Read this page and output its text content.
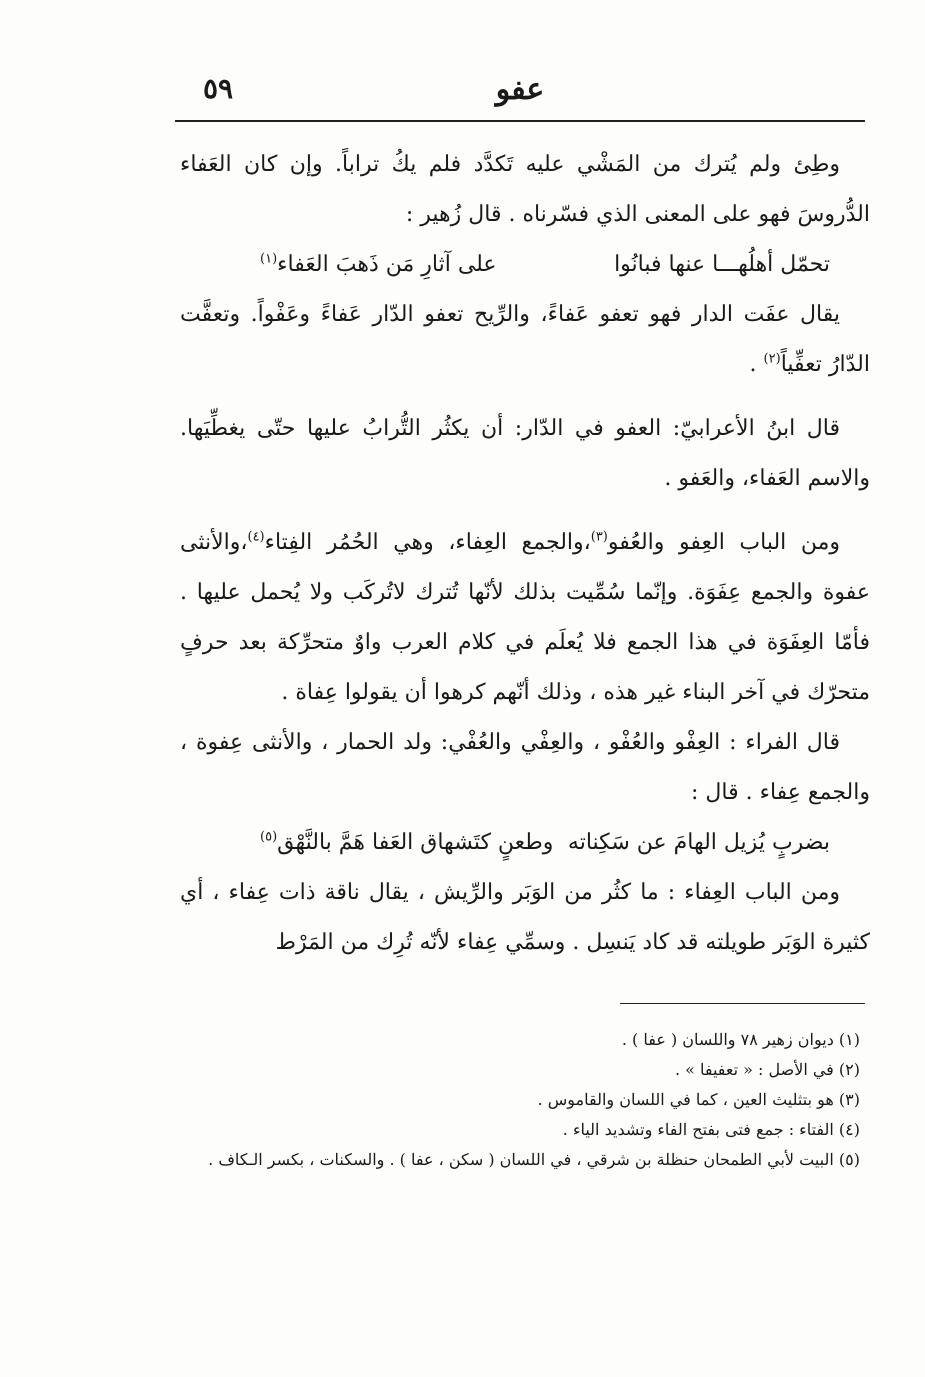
عفو
٥٩

وطِئ ولم يُترك من المَشْي عليه تَكدَّد فلم يكُ تراباً. وإن كان العَفاء الدُّروسَ فهو على المعنى الذي فسّرناه . قال زُهير :

تحمّل أهلُهـــا عنها فبانُوا
على آثارِ مَن ذَهبَ العَفاء$^{(١)}$

يقال عفَت الدار فهو تعفو عَفاءً، والرِّيح تعفو الدّار عَفاءً وعَفْواً. وتعفَّت الدّارُ تعفِّياً$^{(٢)}$ .

قال ابنُ الأعرابيّ: العفو في الدّار: أن يكثُر التُّرابُ عليها حتّى يغطِّيَها. والاسم العَفاء، والعَفو .

ومن الباب العِفو والعُفو$^{(٣)}$،والجمع العِفاء، وهي الحُمُر الفِتاء$^{(٤)}$،والأنثى عفوة والجمع عِفَوَة. وإنّما سُمِّيت بذلك لأنّها تُترك لاتُركَب ولا يُحمل عليها . فأمّا العِفَوَة في هذا الجمع فلا يُعلَم في كلام العرب واوٌ متحرِّكة بعد حرفٍ متحرّك في آخر البناء غير هذه ، وذلك أنّهم كرهوا أن يقولوا عِفاة .

قال الفراء : العِفْو والعُفْو ، والعِفْي والعُفْي: ولد الحمار ، والأنثى عِفوة ، والجمع عِفاء . قال :

بضربٍ يُزيل الهامَ عن سَكِناته
وطعنٍ كتَشهاق العَفا هَمَّ بالنَّهْق$^{(٥)}$

ومن الباب العِفاء : ما كثُر من الوَبَر والرِّيش ، يقال ناقة ذات عِفاء ، أي كثيرة الوَبَر طويلته قد كاد يَنسِل . وسمِّي عِفاء لأنّه تُرِك من المَرْط

(١) ديوان زهير ٧٨ واللسان ( عفا ) .

(٢) في الأصل : « تعفيفا » .

(٣) هو بتثليث العين ، كما في اللسان والقاموس .

(٤) الفتاء : جمع فتى بفتح الفاء وتشديد الياء .

(٥) البيت لأبي الطمحان حنظلة بن شرقي ، في اللسان ( سكن ، عفا ) . والسكنات ، بكسر الـكاف .
